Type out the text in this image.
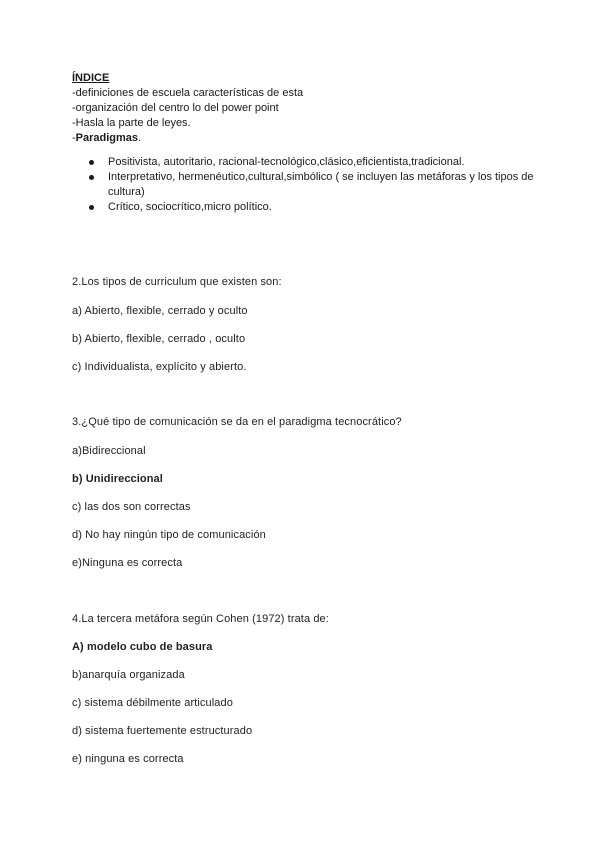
ÍNDICE
-definiciones de escuela características de esta
-organización del centro lo del power point
-Hasla la parte de leyes.
-Paradigmas.
Positivista, autoritario, racional-tecnológico,clásico,eficientista,tradicional.
Interpretativo, hermenéutico,cultural,simbólico ( se incluyen las metáforas y los tipos de cultura)
Crítico, sociocrítico,micro político.
2.Los tipos de curriculum que existen son:
a) Abierto, flexible, cerrado y oculto
b) Abierto, flexible, cerrado , oculto
c) Individualista, explícito y abierto.
3.¿Qué tipo de comunicación se da en el paradigma tecnocrático?
a)Bidireccional
b) Unidireccional
c) las dos son correctas
d) No hay ningún tipo de comunicación
e)Ninguna es correcta
4.La tercera metáfora según Cohen (1972) trata de:
A) modelo cubo de basura
b)anarquía organizada
c) sistema débilmente articulado
d) sistema fuertemente estructurado
e) ninguna es correcta
